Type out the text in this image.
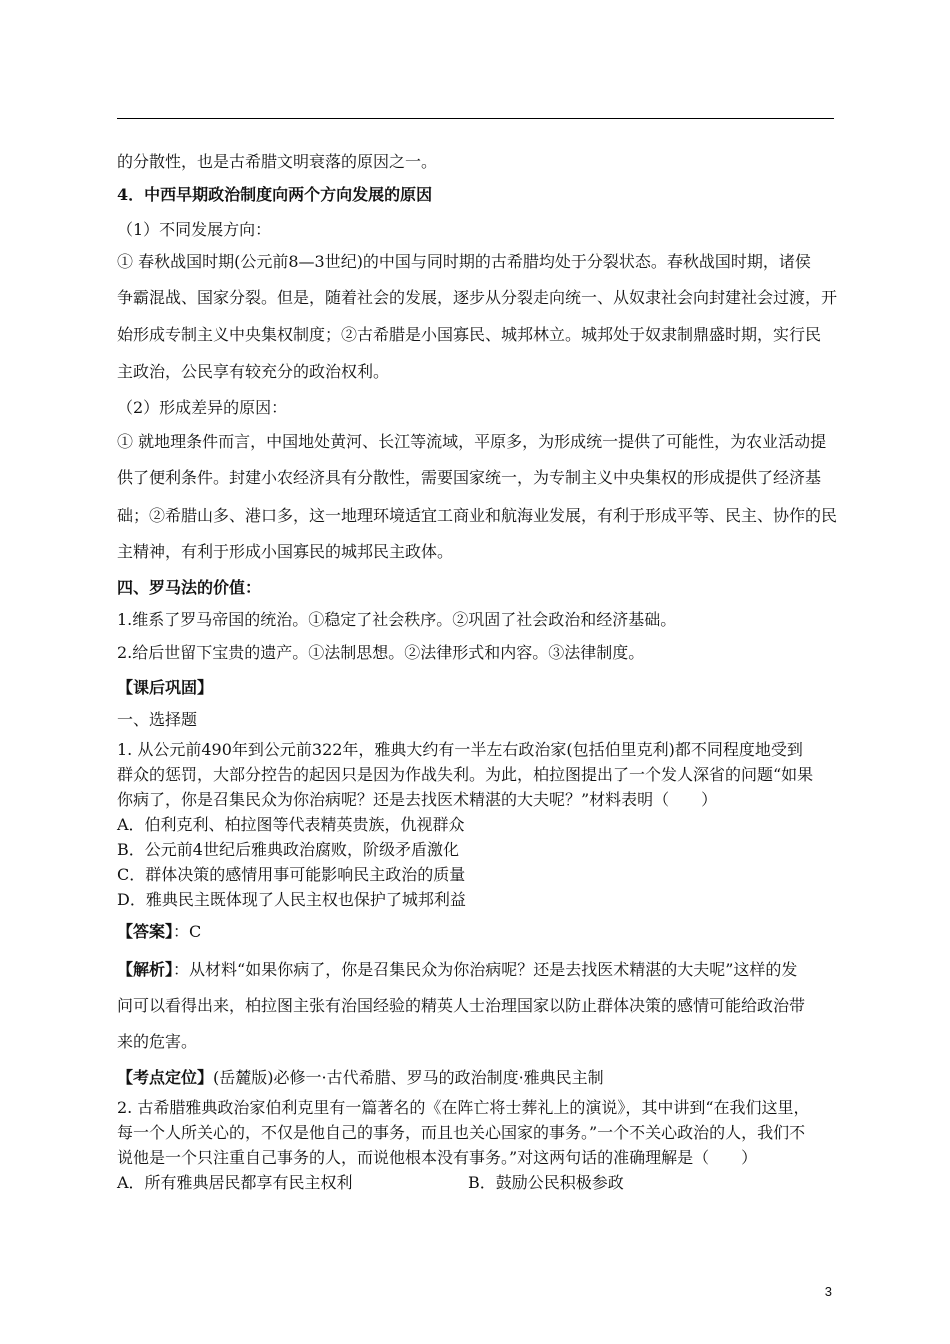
的分散性，也是古希腊文明衰落的原因之一。
4．中西早期政治制度向两个方向发展的原因
（1）不同发展方向：
① 春秋战国时期(公元前8—3世纪)的中国与同时期的古希腊均处于分裂状态。春秋战国时期，诸侯
争霸混战、国家分裂。但是，随着社会的发展，逐步从分裂走向统一、从奴隶社会向封建社会过渡，开
始形成专制主义中央集权制度；②古希腊是小国寡民、城邦林立。城邦处于奴隶制鼎盛时期，实行民
主政治，公民享有较充分的政治权利。
（2）形成差异的原因：
① 就地理条件而言，中国地处黄河、长江等流域，平原多，为形成统一提供了可能性，为农业活动提
供了便利条件。封建小农经济具有分散性，需要国家统一，为专制主义中央集权的形成提供了经济基
础；②希腊山多、港口多，这一地理环境适宜工商业和航海业发展，有利于形成平等、民主、协作的民
主精神，有利于形成小国寡民的城邦民主政体。
四、罗马法的价值：
1.维系了罗马帝国的统治。①稳定了社会秩序。②巩固了社会政治和经济基础。
2.给后世留下宝贵的遗产。①法制思想。②法律形式和内容。③法律制度。
【课后巩固】
一、选择题
1. 从公元前490年到公元前322年，雅典大约有一半左右政治家(包括伯里克利)都不同程度地受到
群众的惩罚，大部分控告的起因只是因为作战失利。为此，柏拉图提出了一个发人深省的问题“如果
你病了，你是召集民众为你治病呢？还是去找医术精湛的大夫呢？”材料表明（　　）
A．伯利克利、柏拉图等代表精英贵族，仇视群众
B．公元前4世纪后雅典政治腐败，阶级矛盾激化
C．群体决策的感情用事可能影响民主政治的质量
D．雅典民主既体现了人民主权也保护了城邦利益
【答案】：C
【解析】：从材料“如果你病了，你是召集民众为你治病呢？还是去找医术精湛的大夫呢”这样的发
问可以看得出来，柏拉图主张有治国经验的精英人士治理国家以防止群体决策的感情可能给政治带
来的危害。
【考点定位】(岳麓版)必修一·古代希腊、罗马的政治制度·雅典民主制
2. 古希腊雅典政治家伯利克里有一篇著名的《在阵亡将士葬礼上的演说》，其中讲到“在我们这里，
每一个人所关心的，不仅是他自己的事务，而且也关心国家的事务。”一个不关心政治的人，我们不
说他是一个只注重自己事务的人，而说他根本没有事务。”对这两句话的准确理解是（　　）
A．所有雅典居民都享有民主权利	B．鼓励公民积极参政
3
